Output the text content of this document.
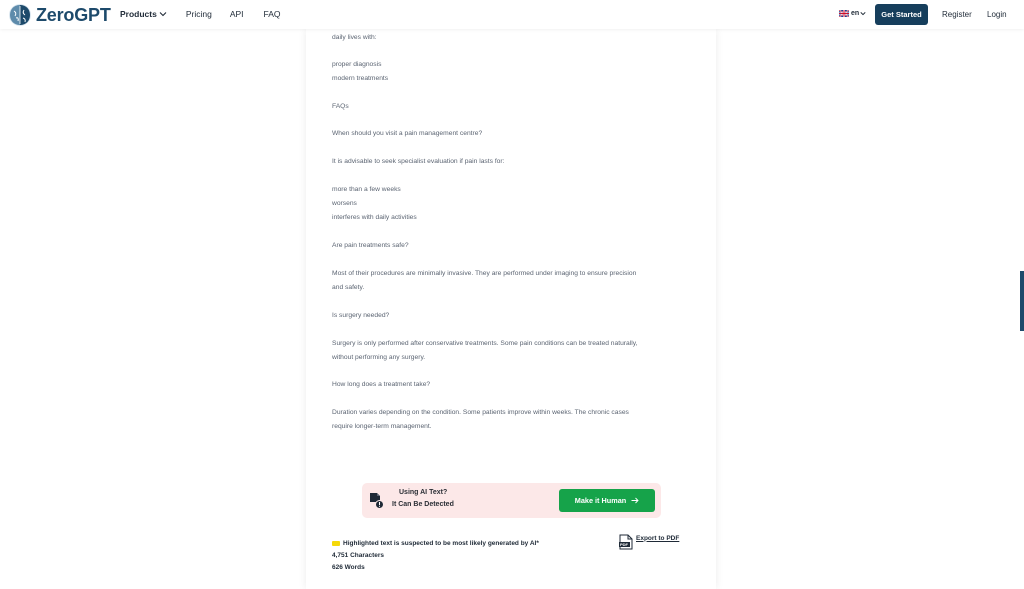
ZeroGPT Products	Pricing API FAQ	en	Get Started	Register Login
daily lives with:
proper diagnosis
modern treatments
FAQs
When should you visit a pain management centre?
It is advisable to seek specialist evaluation if pain lasts for:
more than a few weeks
worsens
interferes with daily activities
Are pain treatments safe?
Most of their procedures are minimally invasive. They are performed under imaging to ensure precision
and safety.
Is surgery needed?
Surgery is only performed after conservative treatments. Some pain conditions can be treated naturally,
without performing any surgery.
How long does a treatment take?
Duration varies depending on the condition. Some patients improve within weeks. The chronic cases
require longer-term management.
Using AI Text?
It Can Be Detected	Make it Human
Highlighted text is suspected to be most likely generated by AI*
4,751 Characters
626 Words
PDF
Export to PDF
